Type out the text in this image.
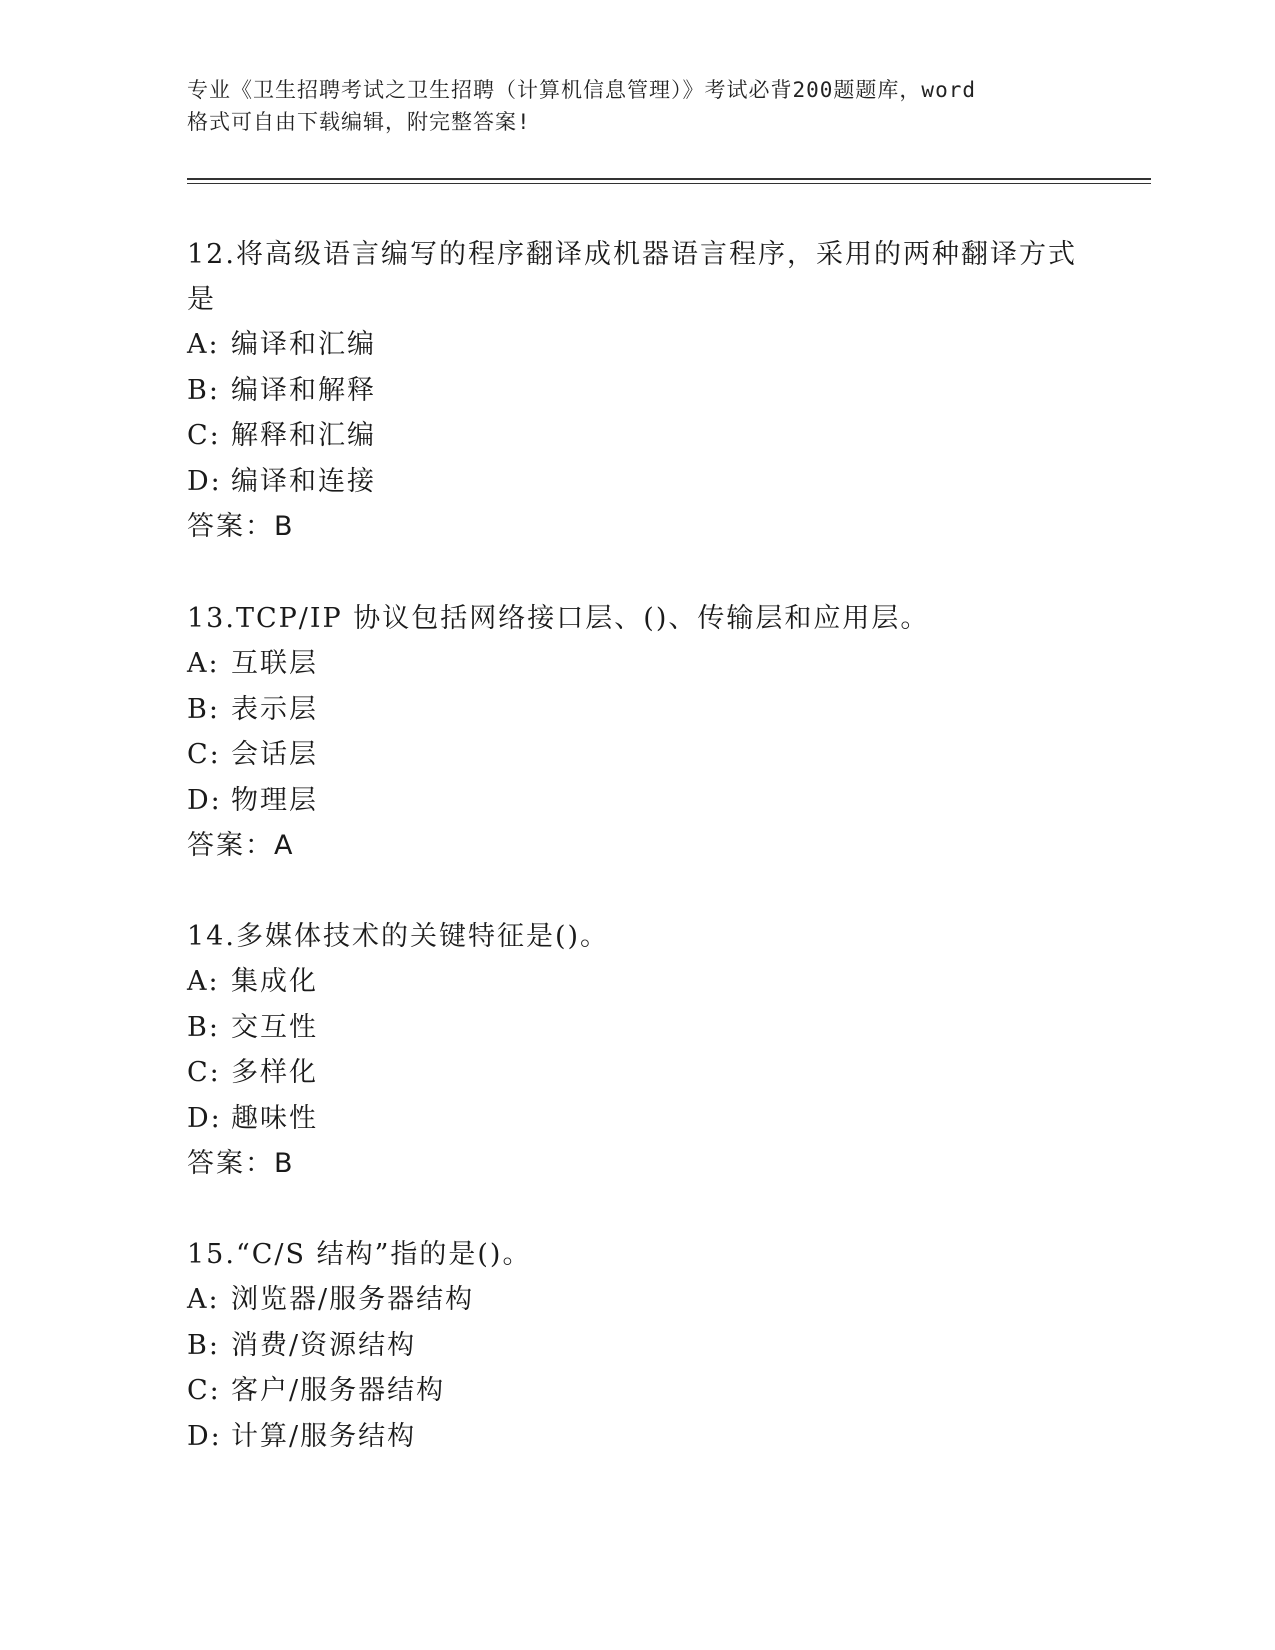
专业《卫生招聘考试之卫生招聘（计算机信息管理）》考试必背200题题库，word
格式可自由下载编辑，附完整答案!

12.将高级语言编写的程序翻译成机器语言程序，采用的两种翻译方式

是

A: 编译和汇编

B: 编译和解释

C: 解释和汇编

D: 编译和连接

答案：B

13.TCP/IP 协议包括网络接口层、()、传输层和应用层。

A: 互联层

B: 表示层

C: 会话层

D: 物理层

答案：A

14.多媒体技术的关键特征是()。

A: 集成化

B: 交互性

C: 多样化

D: 趣味性

答案：B

15.“C/S 结构”指的是()。

A: 浏览器/服务器结构

B: 消费/资源结构

C: 客户/服务器结构

D: 计算/服务结构
